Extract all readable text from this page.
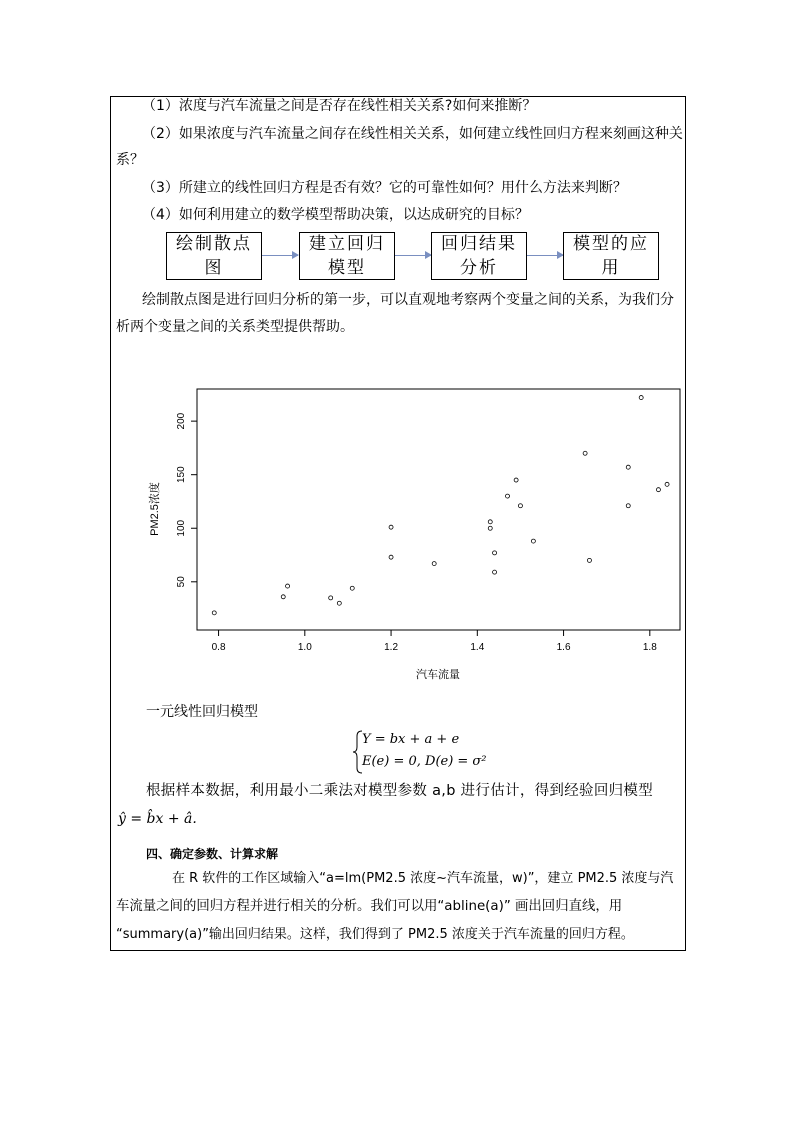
（1）浓度与汽车流量之间是否存在线性相关关系?如何来推断？
（2）如果浓度与汽车流量之间存在线性相关关系，如何建立线性回归方程来刻画这种关
系？
（3）所建立的线性回归方程是否有效？它的可靠性如何？用什么方法来判断？
（4）如何利用建立的数学模型帮助决策，以达成研究的目标？
绘制散点
图
建立回归
模型
回归结果
分析
模型的应
用
绘制散点图是进行回归分析的第一步，可以直观地考察两个变量之间的关系，为我们分
析两个变量之间的关系类型提供帮助。
0.8	1.0	1.2	1.4	1.6	1.8
50
100
150
200
汽车流量
PM2.5浓度
一元线性回归模型
Y = bx + a + e
E(e) = 0, D(e) = σ²
根据样本数据，利用最小二乘法对模型参数 a,b 进行估计，得到经验回归模型
ŷ = b̂x + â.
四、确定参数、计算求解
在 R 软件的工作区域输入“a=lm(PM2.5 浓度~汽车流量，w)”，建立 PM2.5 浓度与汽
车流量之间的回归方程并进行相关的分析。我们可以用“abline(a)” 画出回归直线，用
“summary(a)”输出回归结果。这样，我们得到了 PM2.5 浓度关于汽车流量的回归方程。
